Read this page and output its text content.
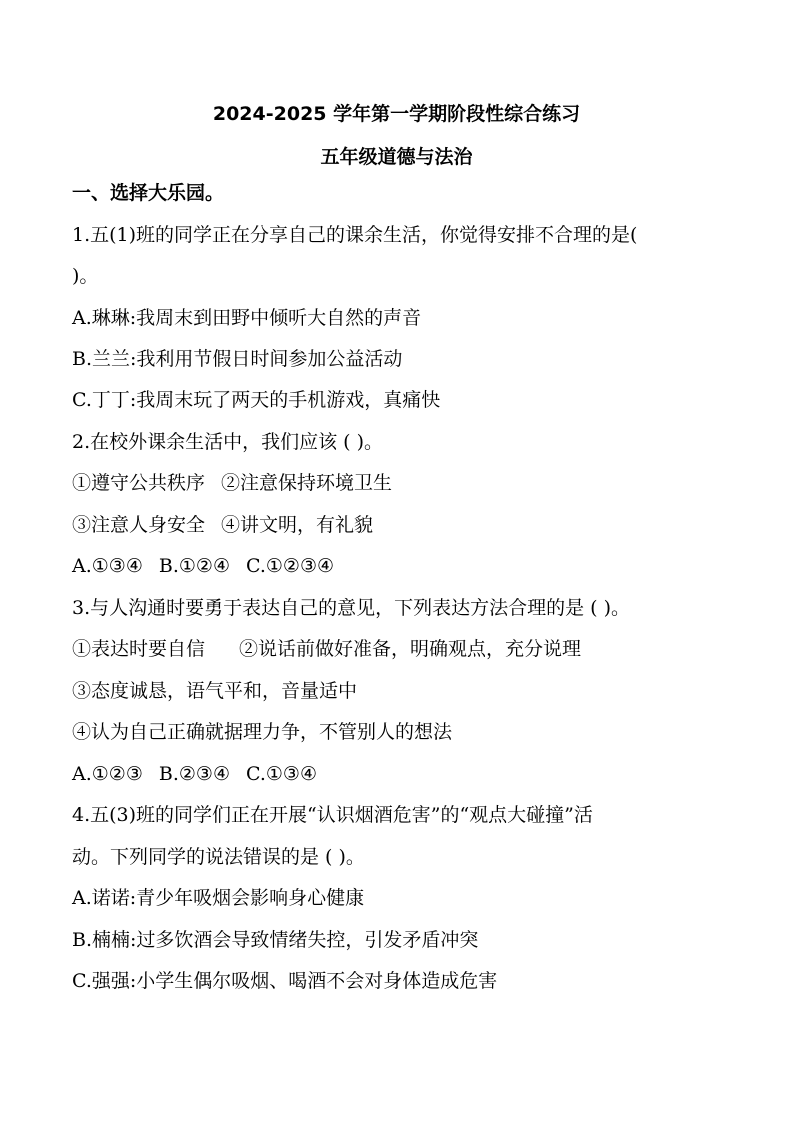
2024-2025 学年第一学期阶段性综合练习
五年级道德与法治
一、选择大乐园。
1.五(1)班的同学正在分享自己的课余生活，你觉得安排不合理的是(
)。
A.琳琳:我周末到田野中倾听大自然的声音
B.兰兰:我利用节假日时间参加公益活动
C.丁丁:我周末玩了两天的手机游戏，真痛快
2.在校外课余生活中，我们应该 ( )。
①遵守公共秩序 ②注意保持环境卫生
③注意人身安全 ④讲文明，有礼貌
A.①③④ B.①②④ C.①②③④
3.与人沟通时要勇于表达自己的意见，下列表达方法合理的是 ( )。
①表达时要自信 ②说话前做好准备，明确观点，充分说理
③态度诚恳，语气平和，音量适中
④认为自己正确就据理力争，不管别人的想法
A.①②③ B.②③④ C.①③④
4.五(3)班的同学们正在开展“认识烟酒危害”的“观点大碰撞”活
动。下列同学的说法错误的是 ( )。
A.诺诺:青少年吸烟会影响身心健康
B.楠楠:过多饮酒会导致情绪失控，引发矛盾冲突
C.强强:小学生偶尔吸烟、喝酒不会对身体造成危害
